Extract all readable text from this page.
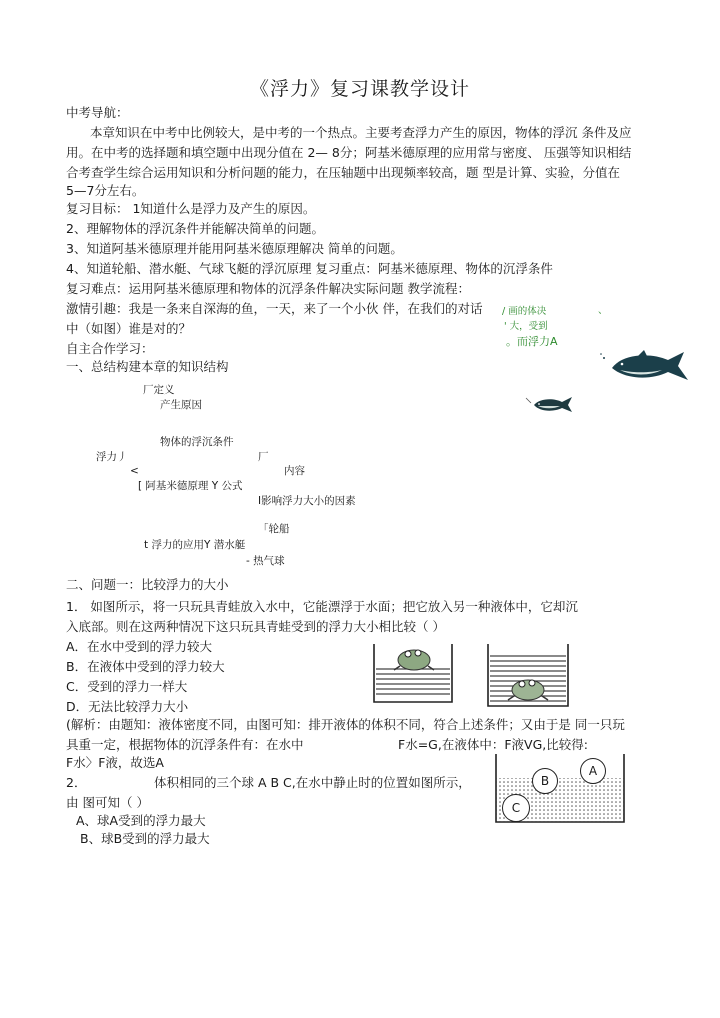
《浮力》复习课教学设计
中考导航：
本章知识在中考中比例较大，是中考的一个热点。主要考查浮力产生的原因，物体的浮沉 条件及应
用。在中考的选择题和填空题中出现分值在 2— 8分；阿基米德原理的应用常与密度、 压强等知识相结
合考查学生综合运用知识和分析问题的能力，在压轴题中出现频率较高，题 型是计算、实验，分值在
5—7分左右。
复习目标： 1知道什么是浮力及产生的原因。
2、理解物体的浮沉条件并能解决简单的问题。
3、知道阿基米德原理并能用阿基米德原理解决 简单的问题。
4、知道轮船、潜水艇、气球飞艇的浮沉原理 复习重点：阿基米德原理、物体的沉浮条件
复习难点：运用阿基米德原理和物体的沉浮条件解决实际问题 教学流程：
激情引趣：我是一条来自深海的鱼，一天，来了一个小伙 伴，在我们的对话
中（如图）谁是对的？
自主合作学习：
一、总结构建本章的知识结构
/ 画的体决
' 大，受到
。而浮力A
、
厂定义
产生原因
物体的浮沉条件
浮力丿	厂
<	内容
[ 阿基米德原理 Y 公式
I影响浮力大小的因素
「轮船
t 浮力的应用Y 潜水艇
- 热气球
二、问题一：比较浮力的大小
1． 如图所示，将一只玩具青蛙放入水中，它能漂浮于水面；把它放入另一种液体中，它却沉
入底部。则在这两种情况下这只玩具青蛙受到的浮力大小相比较（ ）
A．在水中受到的浮力较大
B．在液体中受到的浮力较大
C．受到的浮力一样大
D．无法比较浮力大小
(解析：由题知：液体密度不同，由图可知：排开液体的体积不同，符合上述条件；又由于是 同一只玩
具重一定，根据物体的沉浮条件有：在水中	F水=G,在液体中：F液VG,比较得:
F水〉F液，故选A
2．	体积相同的三个球 A B C,在水中静止时的位置如图所示，
由 图可知（ ）
A、球A受到的浮力最大
B、球B受到的浮力最大
B
A
C
